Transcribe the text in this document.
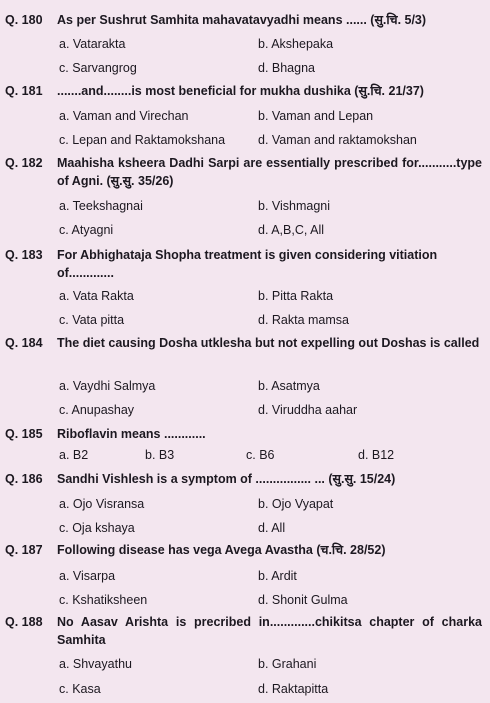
Q. 180 As per Sushrut Samhita mahavatavyadhi means ...... (सु.चि. 5/3)
a. Vatarakta	b. Akshepaka
c. Sarvangrog	d. Bhagna
Q. 181 .......and........is most beneficial for mukha dushika (सु.चि. 21/37)
a. Vaman and Virechan	b. Vaman and Lepan
c. Lepan and Raktamokshana	d. Vaman and raktamokshan
Q. 182 Maahisha ksheera Dadhi Sarpi are essentially prescribed for...........type of Agni. (सु.सु. 35/26)
a. Teekshagnai	b. Vishmagni
c. Atyagni	d. A,B,C, All
Q. 183 For Abhighataja Shopha treatment is given considering vitiation of.............
a. Vata Rakta	b. Pitta Rakta
c. Vata pitta	d. Rakta mamsa
Q. 184 The diet causing Dosha utklesha but not expelling out Doshas is called
a. Vaydhi Salmya	b. Asatmya
c. Anupashay	d. Viruddha aahar
Q. 185 Riboflavin means ............
a. B2	b. B3	c. B6	d. B12
Q. 186 Sandhi Vishlesh is a symptom of ................ ... (सु.सु. 15/24)
a. Ojo Visransa	b. Ojo Vyapat
c. Oja kshaya	d. All
Q. 187 Following disease has vega Avega Avastha (च.चि. 28/52)
a. Visarpa	b. Ardit
c. Kshatiksheen	d. Shonit Gulma
Q. 188 No Aasav Arishta is precribed in.............chikitsa chapter of charka Samhita
a. Shvayathu	b. Grahani
c. Kasa	d. Raktapitta
